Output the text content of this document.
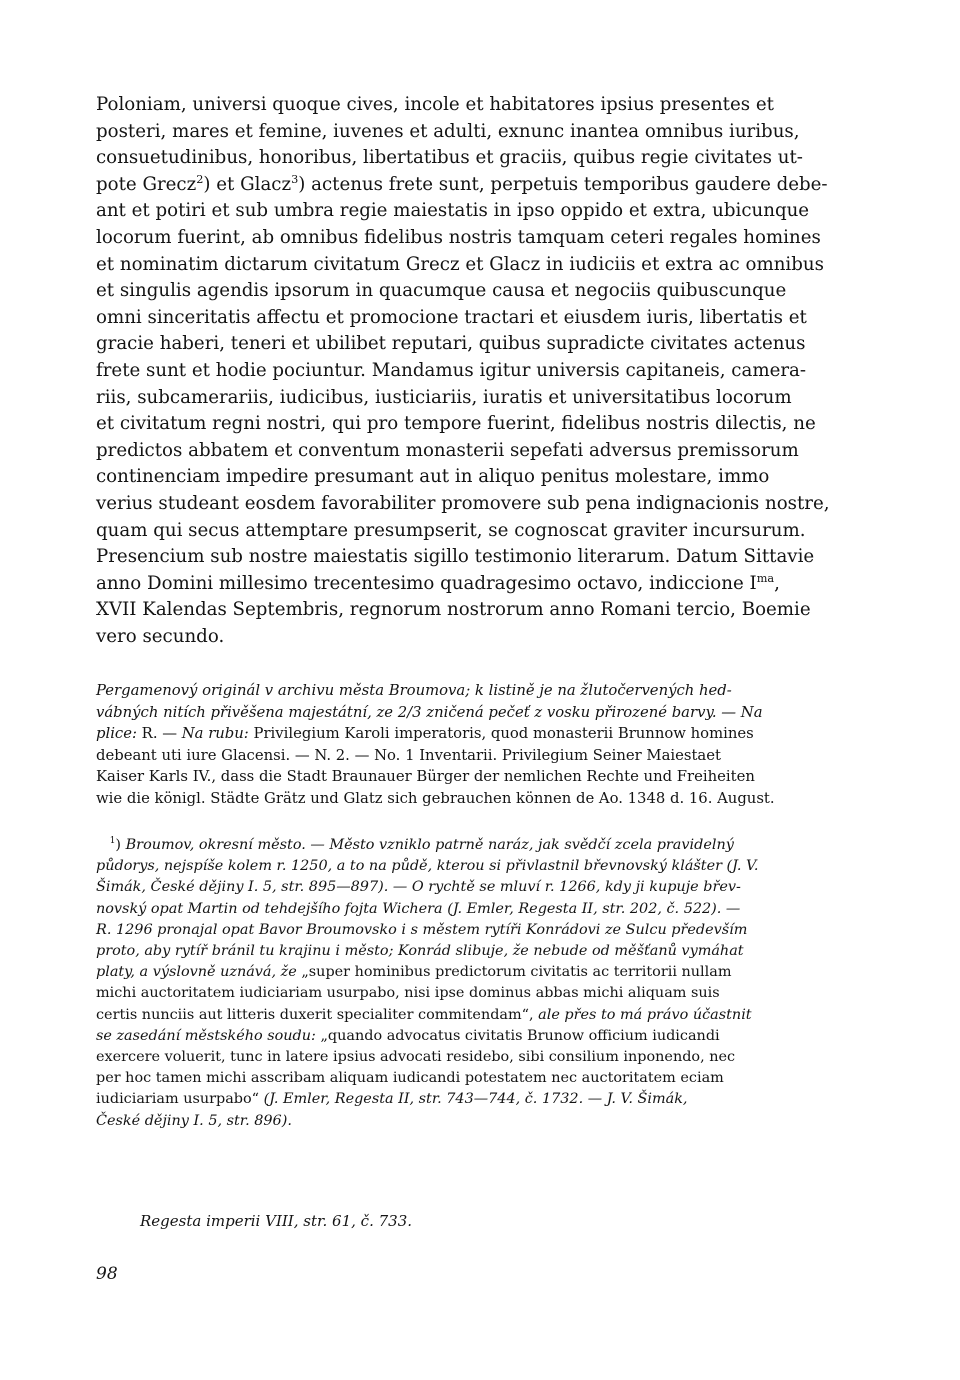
Poloniam, universi quoque cives, incole et habitatores ipsius presentes et
posteri, mares et femine, iuvenes et adulti, exnunc inantea omnibus iuribus,
consuetudinibus, honoribus, libertatibus et graciis, quibus regie civitates ut-
pote Grecz$^2$) et Glacz$^3$) actenus frete sunt, perpetuis temporibus gaudere debe-
ant et potiri et sub umbra regie maiestatis in ipso oppido et extra, ubicunque
locorum fuerint, ab omnibus fidelibus nostris tamquam ceteri regales homines
et nominatim dictarum civitatum Grecz et Glacz in iudiciis et extra ac omnibus
et singulis agendis ipsorum in quacumque causa et negociis quibuscunque
omni sinceritatis affectu et promocione tractari et eiusdem iuris, libertatis et
gracie haberi, teneri et ubilibet reputari, quibus supradicte civitates actenus
frete sunt et hodie pociuntur. Mandamus igitur universis capitaneis, camera-
riis, subcamerariis, iudicibus, iusticiariis, iuratis et universitatibus locorum
et civitatum regni nostri, qui pro tempore fuerint, fidelibus nostris dilectis, ne
predictos abbatem et conventum monasterii sepefati adversus premissorum
continenciam impedire presumant aut in aliquo penitus molestare, immo
verius studeant eosdem favorabiliter promovere sub pena indignacionis nostre,
quam qui secus attemptare presumpserit, se cognoscat graviter incursurum.
Presencium sub nostre maiestatis sigillo testimonio literarum. Datum Sittavie
anno Domini millesimo trecentesimo quadragesimo octavo, indiccione $I^{ma}$,
XVII Kalendas Septembris, regnorum nostrorum anno Romani tercio, Boemie
vero secundo.

Pergamenový originál v archivu města Broumova; k listině je na žlutočervených hed-
vábných nitích přivěšena majestátní, ze 2/3 zničená pečeť z vosku přirozené barvy. — Na
plice: R. — Na rubu: Privilegium Karoli imperatoris, quod monasterii Brunnow homines
debeant uti iure Glacensi. — N. 2. — No. 1 Inventarii. Privilegium Seiner Maiestaet
Kaiser Karls IV., dass die Stadt Braunauer Bürger der nemlichen Rechte und Freiheiten
wie die königl. Städte Grätz und Glatz sich gebrauchen können de Ao. 1348 d. 16. August.
$^1$) Broumov, okresní město. — Město vzniklo patrně naráz, jak svědčí zcela pravidelný
půdorys, nejspíše kolem r. 1250, a to na půdě, kterou si přivlastnil břevnovský klášter (J. V.
Šimák, České dějiny I. 5, str. 895—897). — O rychtě se mluví r. 1266, kdy ji kupuje břev-
novský opat Martin od tehdejšího fojta Wichera (J. Emler, Regesta II, str. 202, č. 522). —
R. 1296 pronajal opat Bavor Broumovsko i s městem rytíři Konrádovi ze Sulcu především
proto, aby rytíř bránil tu krajinu i město; Konrád slibuje, že nebude od měšťanů vymáhat
platy, a výslovně uznává, že „super hominibus predictorum civitatis ac territorii nullam
michi auctoritatem iudiciariam usurpabo, nisi ipse dominus abbas michi aliquam suis
certis nunciis aut litteris duxerit specialiter commitendam“, ale přes to má právo účastnit
se zasedání městského soudu: „quando advocatus civitatis Brunow officium iudicandi
exercere voluerit, tunc in latere ipsius advocati residebo, sibi consilium inponendo, nec
per hoc tamen michi asscribam aliquam iudicandi potestatem nec auctoritatem eciam
iudiciariam usurpabo“ (J. Emler, Regesta II, str. 743—744, č. 1732. — J. V. Šimák,
České dějiny I. 5, str. 896).
Regesta imperii VIII, str. 61, č. 733.
98
